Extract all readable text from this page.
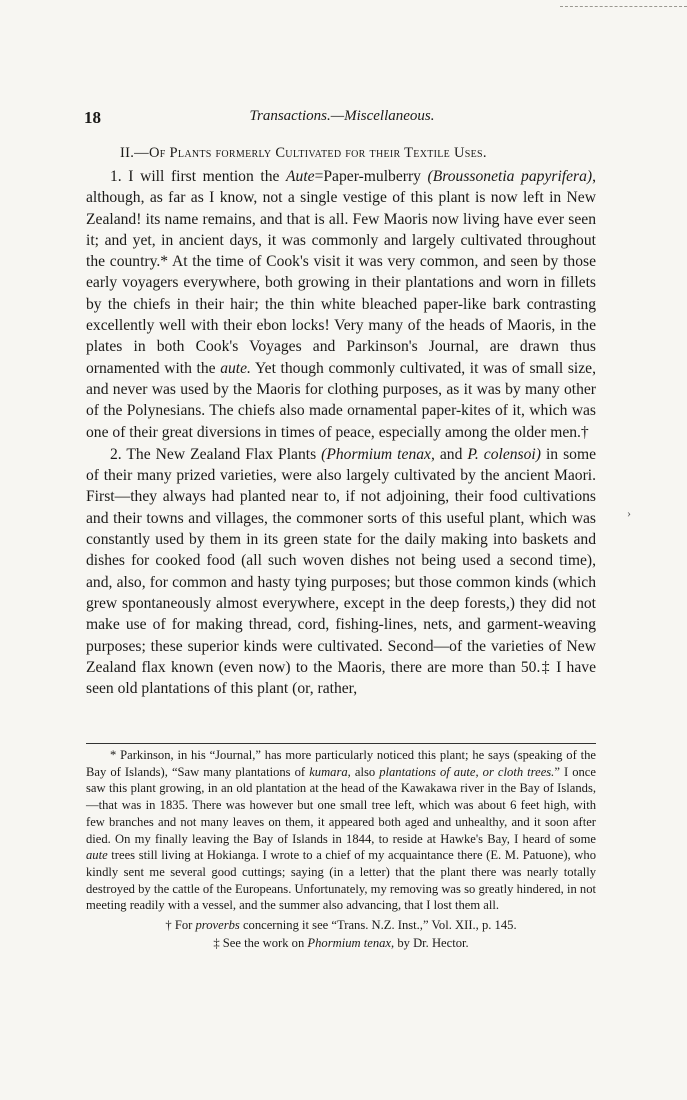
18	Transactions.—Miscellaneous.
II.—Of Plants formerly Cultivated for their Textile Uses.

1. I will first mention the Aute=Paper-mulberry (Broussonetia papyrifera), although, as far as I know, not a single vestige of this plant is now left in New Zealand! its name remains, and that is all. Few Maoris now living have ever seen it; and yet, in ancient days, it was commonly and largely cultivated throughout the country.* At the time of Cook's visit it was very common, and seen by those early voyagers everywhere, both growing in their plantations and worn in fillets by the chiefs in their hair; the thin white bleached paper-like bark contrasting excellently well with their ebon locks! Very many of the heads of Maoris, in the plates in both Cook's Voyages and Parkinson's Journal, are drawn thus ornamented with the aute. Yet though commonly cultivated, it was of small size, and never was used by the Maoris for clothing purposes, as it was by many other of the Polynesians. The chiefs also made ornamental paper-kites of it, which was one of their great diversions in times of peace, especially among the older men.†

2. The New Zealand Flax Plants (Phormium tenax, and P. colensoi) in some of their many prized varieties, were also largely cultivated by the ancient Maori. First—they always had planted near to, if not adjoining, their food cultivations and their towns and villages, the commoner sorts of this useful plant, which was constantly used by them in its green state for the daily making into baskets and dishes for cooked food (all such woven dishes not being used a second time), and, also, for common and hasty tying purposes; but those common kinds (which grew spontaneously almost everywhere, except in the deep forests,) they did not make use of for making thread, cord, fishing-lines, nets, and garment-weaving purposes; these superior kinds were cultivated. Second—of the varieties of New Zealand flax known (even now) to the Maoris, there are more than 50.‡ I have seen old plantations of this plant (or, rather,

›

* Parkinson, in his “Journal,” has more particularly noticed this plant; he says (speaking of the Bay of Islands), “Saw many plantations of kumara, also plantations of aute, or cloth trees.” I once saw this plant growing, in an old plantation at the head of the Kawakawa river in the Bay of Islands,—that was in 1835. There was however but one small tree left, which was about 6 feet high, with few branches and not many leaves on them, it appeared both aged and unhealthy, and it soon after died. On my finally leaving the Bay of Islands in 1844, to reside at Hawke's Bay, I heard of some aute trees still living at Hokianga. I wrote to a chief of my acquaintance there (E. M. Patuone), who kindly sent me several good cuttings; saying (in a letter) that the plant there was nearly totally destroyed by the cattle of the Europeans. Unfortunately, my removing was so greatly hindered, in not meeting readily with a vessel, and the summer also advancing, that I lost them all.

† For proverbs concerning it see “Trans. N.Z. Inst.,” Vol. XII., p. 145.

‡ See the work on Phormium tenax, by Dr. Hector.
